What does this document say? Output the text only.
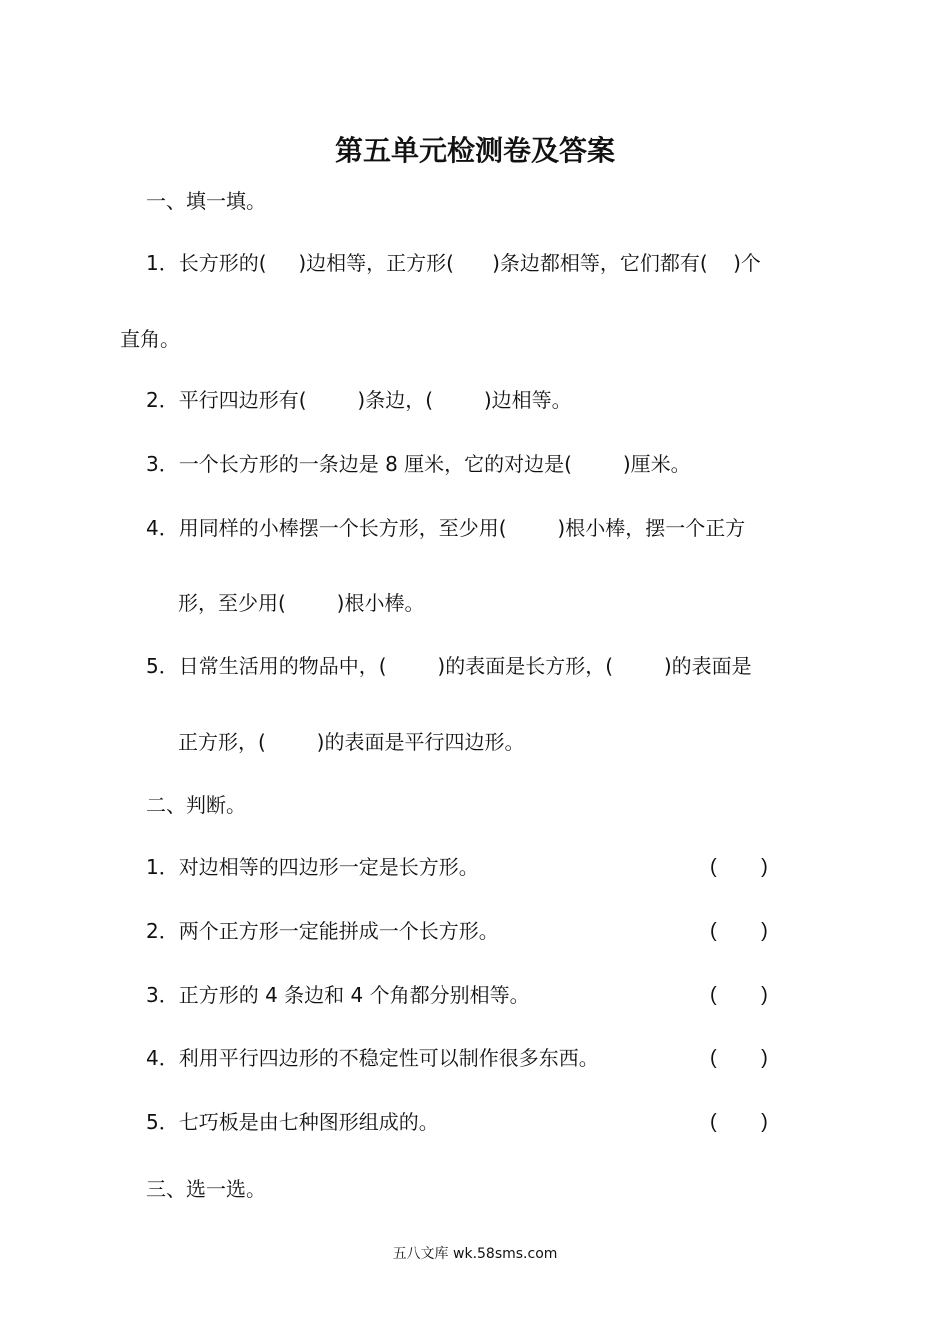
第五单元检测卷及答案
一、填一填。
1．长方形的(     )边相等，正方形(      )条边都相等，它们都有(    )个
直角。
2．平行四边形有(        )条边，(        )边相等。
3．一个长方形的一条边是 8 厘米，它的对边是(        )厘米。
4．用同样的小棒摆一个长方形，至少用(        )根小棒，摆一个正方
形，至少用(        )根小棒。
5．日常生活用的物品中，(        )的表面是长方形，(        )的表面是
正方形，(        )的表面是平行四边形。
二、判断。
1．对边相等的四边形一定是长方形。	(        )
2．两个正方形一定能拼成一个长方形。	(        )
3．正方形的 4 条边和 4 个角都分别相等。	(        )
4．利用平行四边形的不稳定性可以制作很多东西。	(        )
5．七巧板是由七种图形组成的。	(        )
三、选一选。
五八文库 wk.58sms.com
